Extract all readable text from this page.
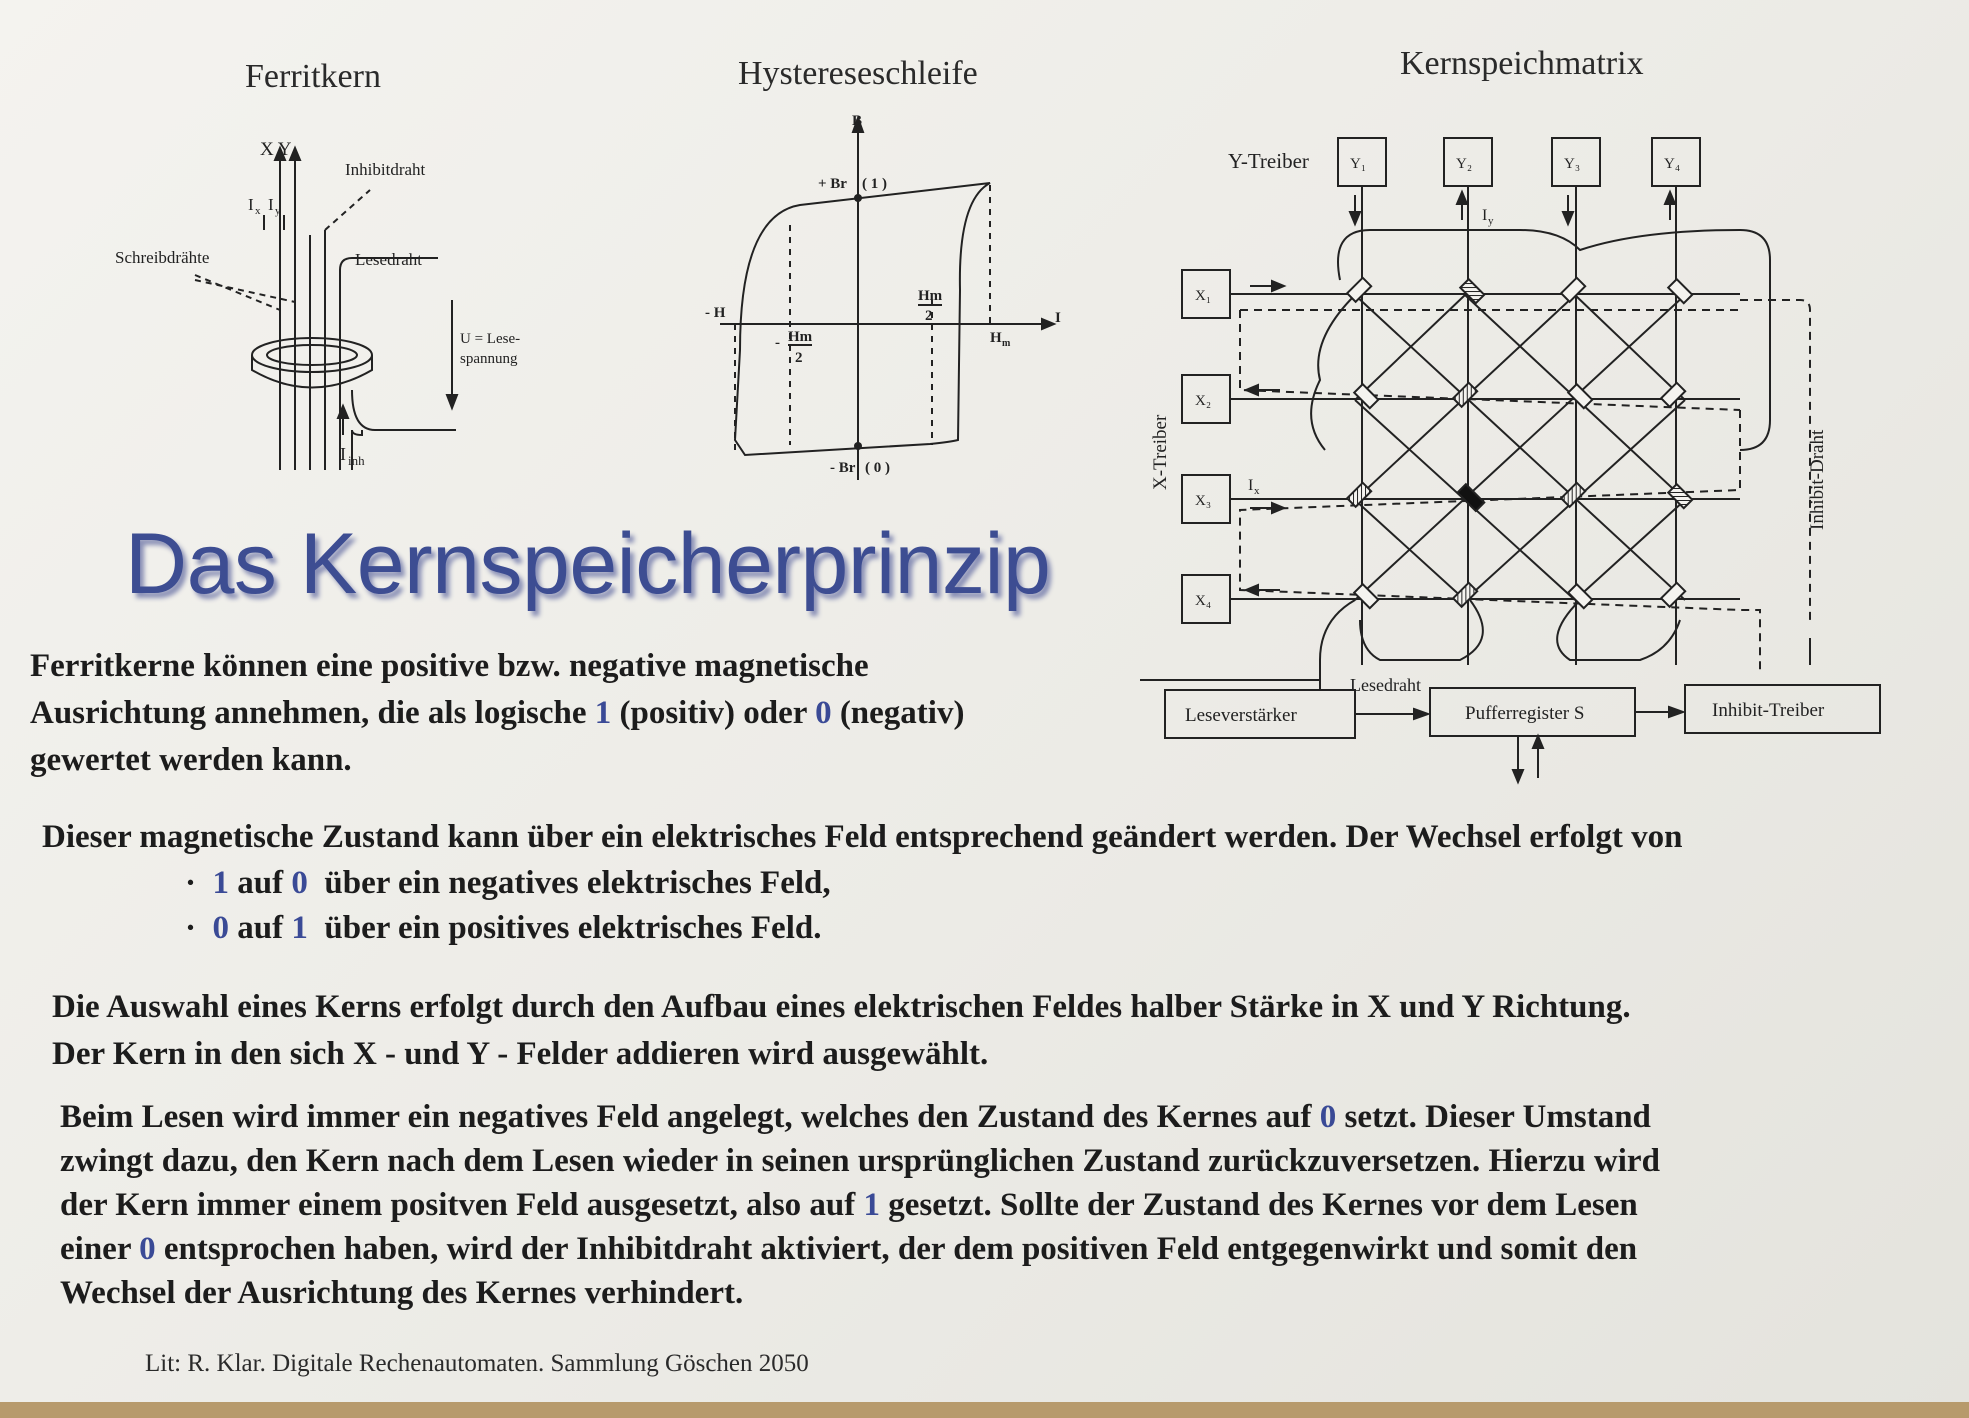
Ferritkern
X Y
I x I y
Inhibitdraht
Schreibdrähte	Lesedraht
U = Lese-
spannung
I inh
Hystereseschleife
B
+ Br ( 1 )
- Br ( 0 )
I
- H
H m
Hm
2
- Hm
2
Kernspeichmatrix
Y-Treiber	Y₁	Y₂	Y₃	Y₄
X₁
X₂
X₃
X₄
I y
I x
X-Treiber	Inhibit-Draht
Lesedraht
Leseverstärker	Pufferregister S	Inhibit-Treiber
Das Kernspeicherprinzip
Ferritkerne können eine positive bzw. negative magnetische
Ausrichtung annehmen, die als logische 1 (positiv) oder 0 (negativ)
gewertet werden kann.
Dieser magnetische Zustand kann über ein elektrisches Feld entsprechend geändert werden. Der Wechsel erfolgt von
· 1 auf 0 über ein negatives elektrisches Feld,
· 0 auf 1 über ein positives elektrisches Feld.
Die Auswahl eines Kerns erfolgt durch den Aufbau eines elektrischen Feldes halber Stärke in X und Y Richtung.
Der Kern in den sich X - und Y - Felder addieren wird ausgewählt.
Beim Lesen wird immer ein negatives Feld angelegt, welches den Zustand des Kernes auf 0 setzt. Dieser Umstand
zwingt dazu, den Kern nach dem Lesen wieder in seinen ursprünglichen Zustand zurückzuversetzen. Hierzu wird
der Kern immer einem positven Feld ausgesetzt, also auf 1 gesetzt. Sollte der Zustand des Kernes vor dem Lesen
einer 0 entsprochen haben, wird der Inhibitdraht aktiviert, der dem positiven Feld entgegenwirkt und somit den
Wechsel der Ausrichtung des Kernes verhindert.
Lit: R. Klar. Digitale Rechenautomaten. Sammlung Göschen 2050
